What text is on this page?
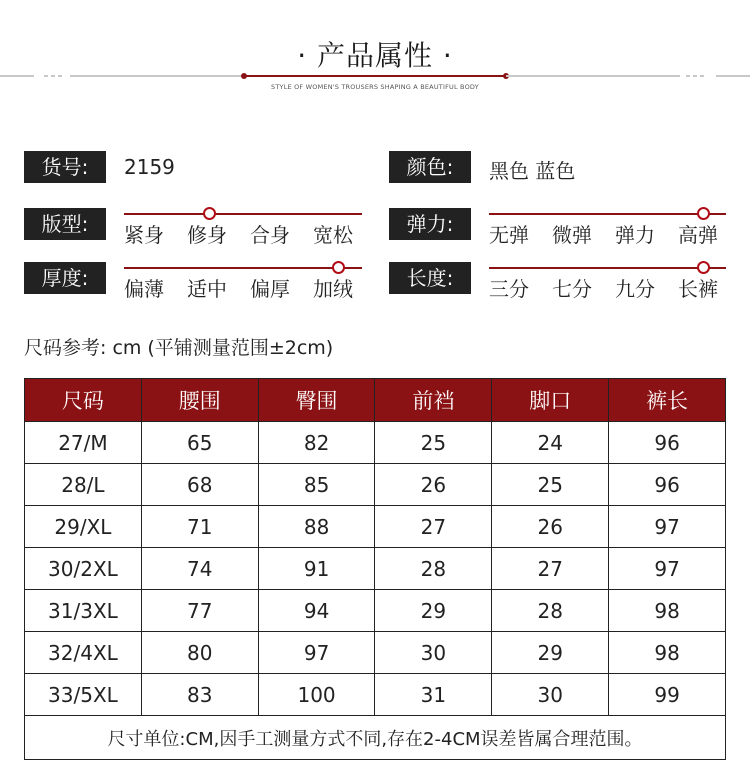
· 产品属性 ·
STYLE OF WOMEN'S TROUSERS SHAPING A BEAUTIFUL BODY
货号:	2159	颜色:	黑色 蓝色
版型:	紧身	修身	合身	宽松	弹力:	无弹	微弹	弹力	高弹
厚度:	偏薄	适中	偏厚	加绒	长度:	三分	七分	九分	长裤
尺码参考: cm (平铺测量范围±2cm)
尺码	腰围	臀围	前裆	脚口	裤长
27/M	65	82	25	24	96
28/L	68	85	26	25	96
29/XL	71	88	27	26	97
30/2XL	74	91	28	27	97
31/3XL	77	94	29	28	98
32/4XL	80	97	30	29	98
33/5XL	83	100	31	30	99
尺寸单位:CM,因手工测量方式不同,存在2-4CM误差皆属合理范围。					
